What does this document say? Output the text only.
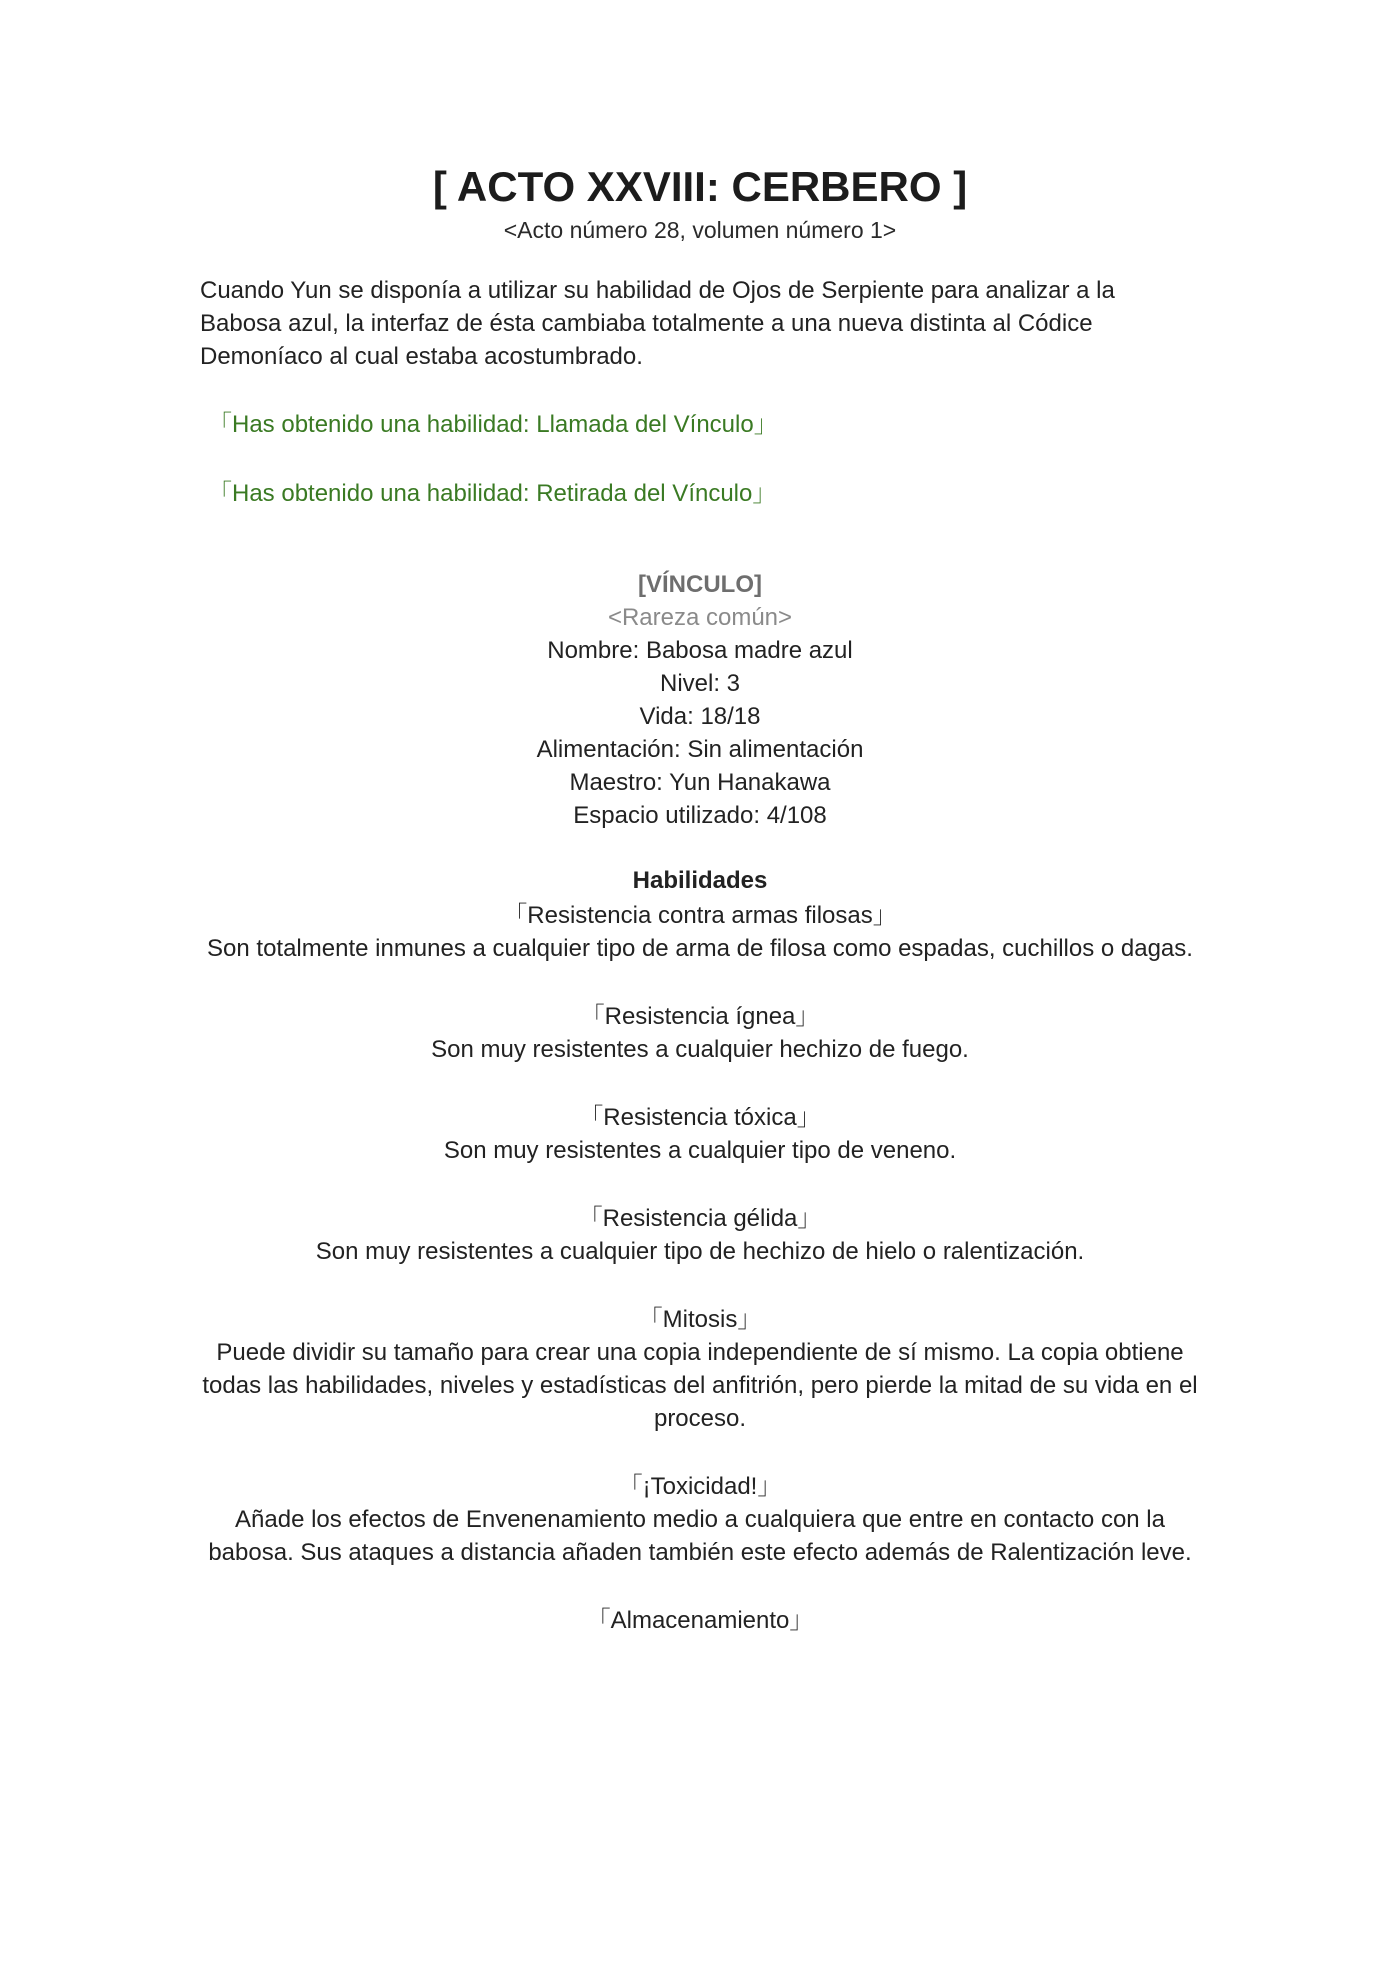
[ ACTO XXVIII: CERBERO ]

<Acto número 28, volumen número 1>

Cuando Yun se disponía a utilizar su habilidad de Ojos de Serpiente para analizar a la Babosa azul, la interfaz de ésta cambiaba totalmente a una nueva distinta al Códice Demoníaco al cual estaba acostumbrado.

「Has obtenido una habilidad: Llamada del Vínculo」

「Has obtenido una habilidad: Retirada del Vínculo」

[VÍNCULO]
<Rareza común>
Nombre: Babosa madre azul
Nivel: 3
Vida: 18/18
Alimentación: Sin alimentación
Maestro: Yun Hanakawa
Espacio utilizado: 4/108
Habilidades

「Resistencia contra armas filosas」

Son totalmente inmunes a cualquier tipo de arma de filosa como espadas, cuchillos o dagas.

「Resistencia ígnea」

Son muy resistentes a cualquier hechizo de fuego.

「Resistencia tóxica」

Son muy resistentes a cualquier tipo de veneno.

「Resistencia gélida」

Son muy resistentes a cualquier tipo de hechizo de hielo o ralentización.

「Mitosis」

Puede dividir su tamaño para crear una copia independiente de sí mismo. La copia obtiene todas las habilidades, niveles y estadísticas del anfitrión, pero pierde la mitad de su vida en el proceso.

「¡Toxicidad!」

Añade los efectos de Envenenamiento medio a cualquiera que entre en contacto con la babosa. Sus ataques a distancia añaden también este efecto además de Ralentización leve.

「Almacenamiento」
